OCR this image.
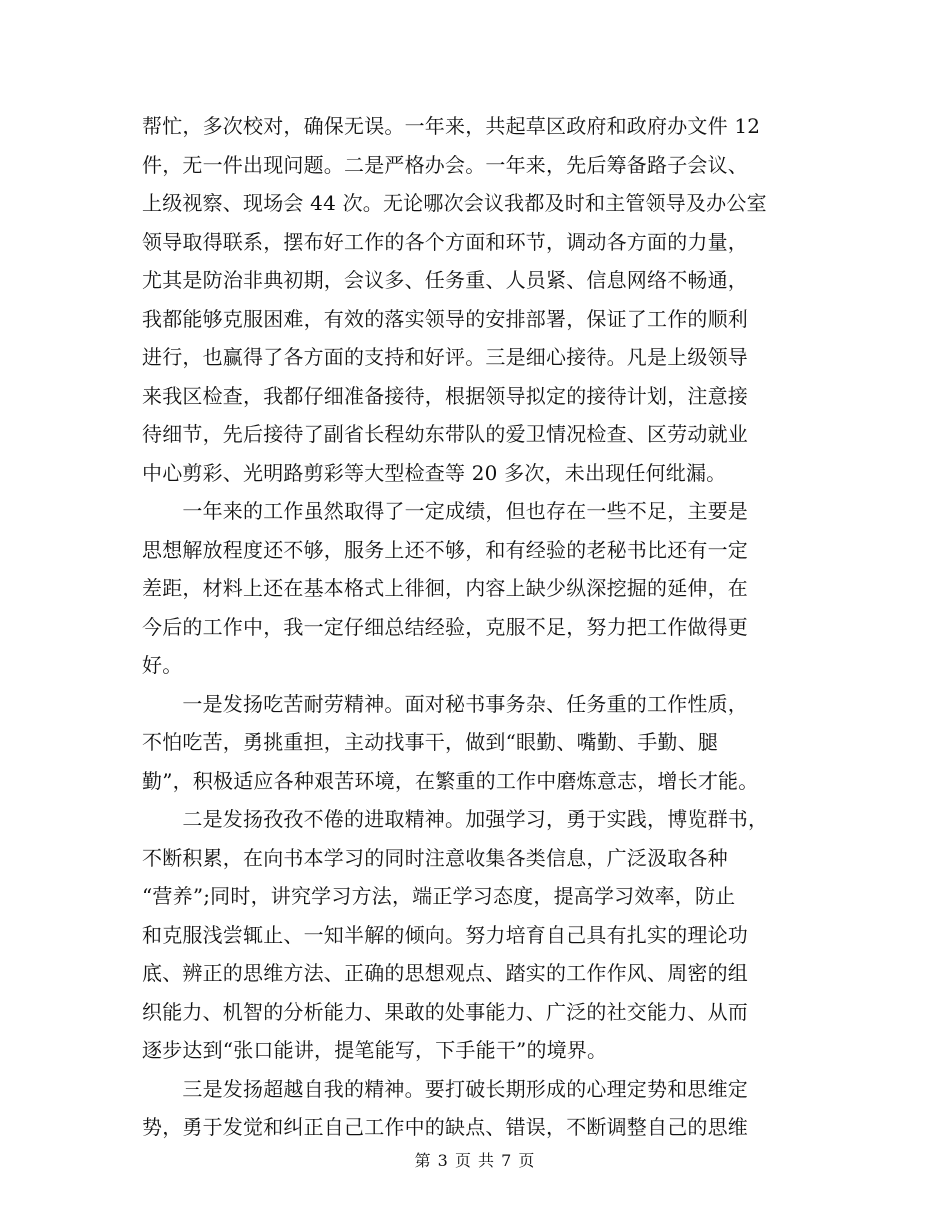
帮忙，多次校对，确保无误。一年来，共起草区政府和政府办文件 12
件，无一件出现问题。二是严格办会。一年来，先后筹备路子会议、
上级视察、现场会 44 次。无论哪次会议我都及时和主管领导及办公室
领导取得联系，摆布好工作的各个方面和环节，调动各方面的力量，
尤其是防治非典初期，会议多、任务重、人员紧、信息网络不畅通，
我都能够克服困难，有效的落实领导的安排部署，保证了工作的顺利
进行，也赢得了各方面的支持和好评。三是细心接待。凡是上级领导
来我区检查，我都仔细准备接待，根据领导拟定的接待计划，注意接
待细节，先后接待了副省长程幼东带队的爱卫情况检查、区劳动就业
中心剪彩、光明路剪彩等大型检查等 20 多次，未出现任何纰漏。
　　一年来的工作虽然取得了一定成绩，但也存在一些不足，主要是
思想解放程度还不够，服务上还不够，和有经验的老秘书比还有一定
差距，材料上还在基本格式上徘徊，内容上缺少纵深挖掘的延伸，在
今后的工作中，我一定仔细总结经验，克服不足，努力把工作做得更
好。
　　一是发扬吃苦耐劳精神。面对秘书事务杂、任务重的工作性质，
不怕吃苦，勇挑重担，主动找事干，做到“眼勤、嘴勤、手勤、腿
勤”，积极适应各种艰苦环境，在繁重的工作中磨炼意志，增长才能。
　　二是发扬孜孜不倦的进取精神。加强学习，勇于实践，博览群书，
不断积累，在向书本学习的同时注意收集各类信息，广泛汲取各种
“营养”;同时，讲究学习方法，端正学习态度，提高学习效率，防止
和克服浅尝辄止、一知半解的倾向。努力培育自己具有扎实的理论功
底、辨正的思维方法、正确的思想观点、踏实的工作作风、周密的组
织能力、机智的分析能力、果敢的处事能力、广泛的社交能力、从而
逐步达到“张口能讲，提笔能写，下手能干”的境界。
　　三是发扬超越自我的精神。要打破长期形成的心理定势和思维定
势，勇于发觉和纠正自己工作中的缺点、错误，不断调整自己的思维
第 3 页 共 7 页
